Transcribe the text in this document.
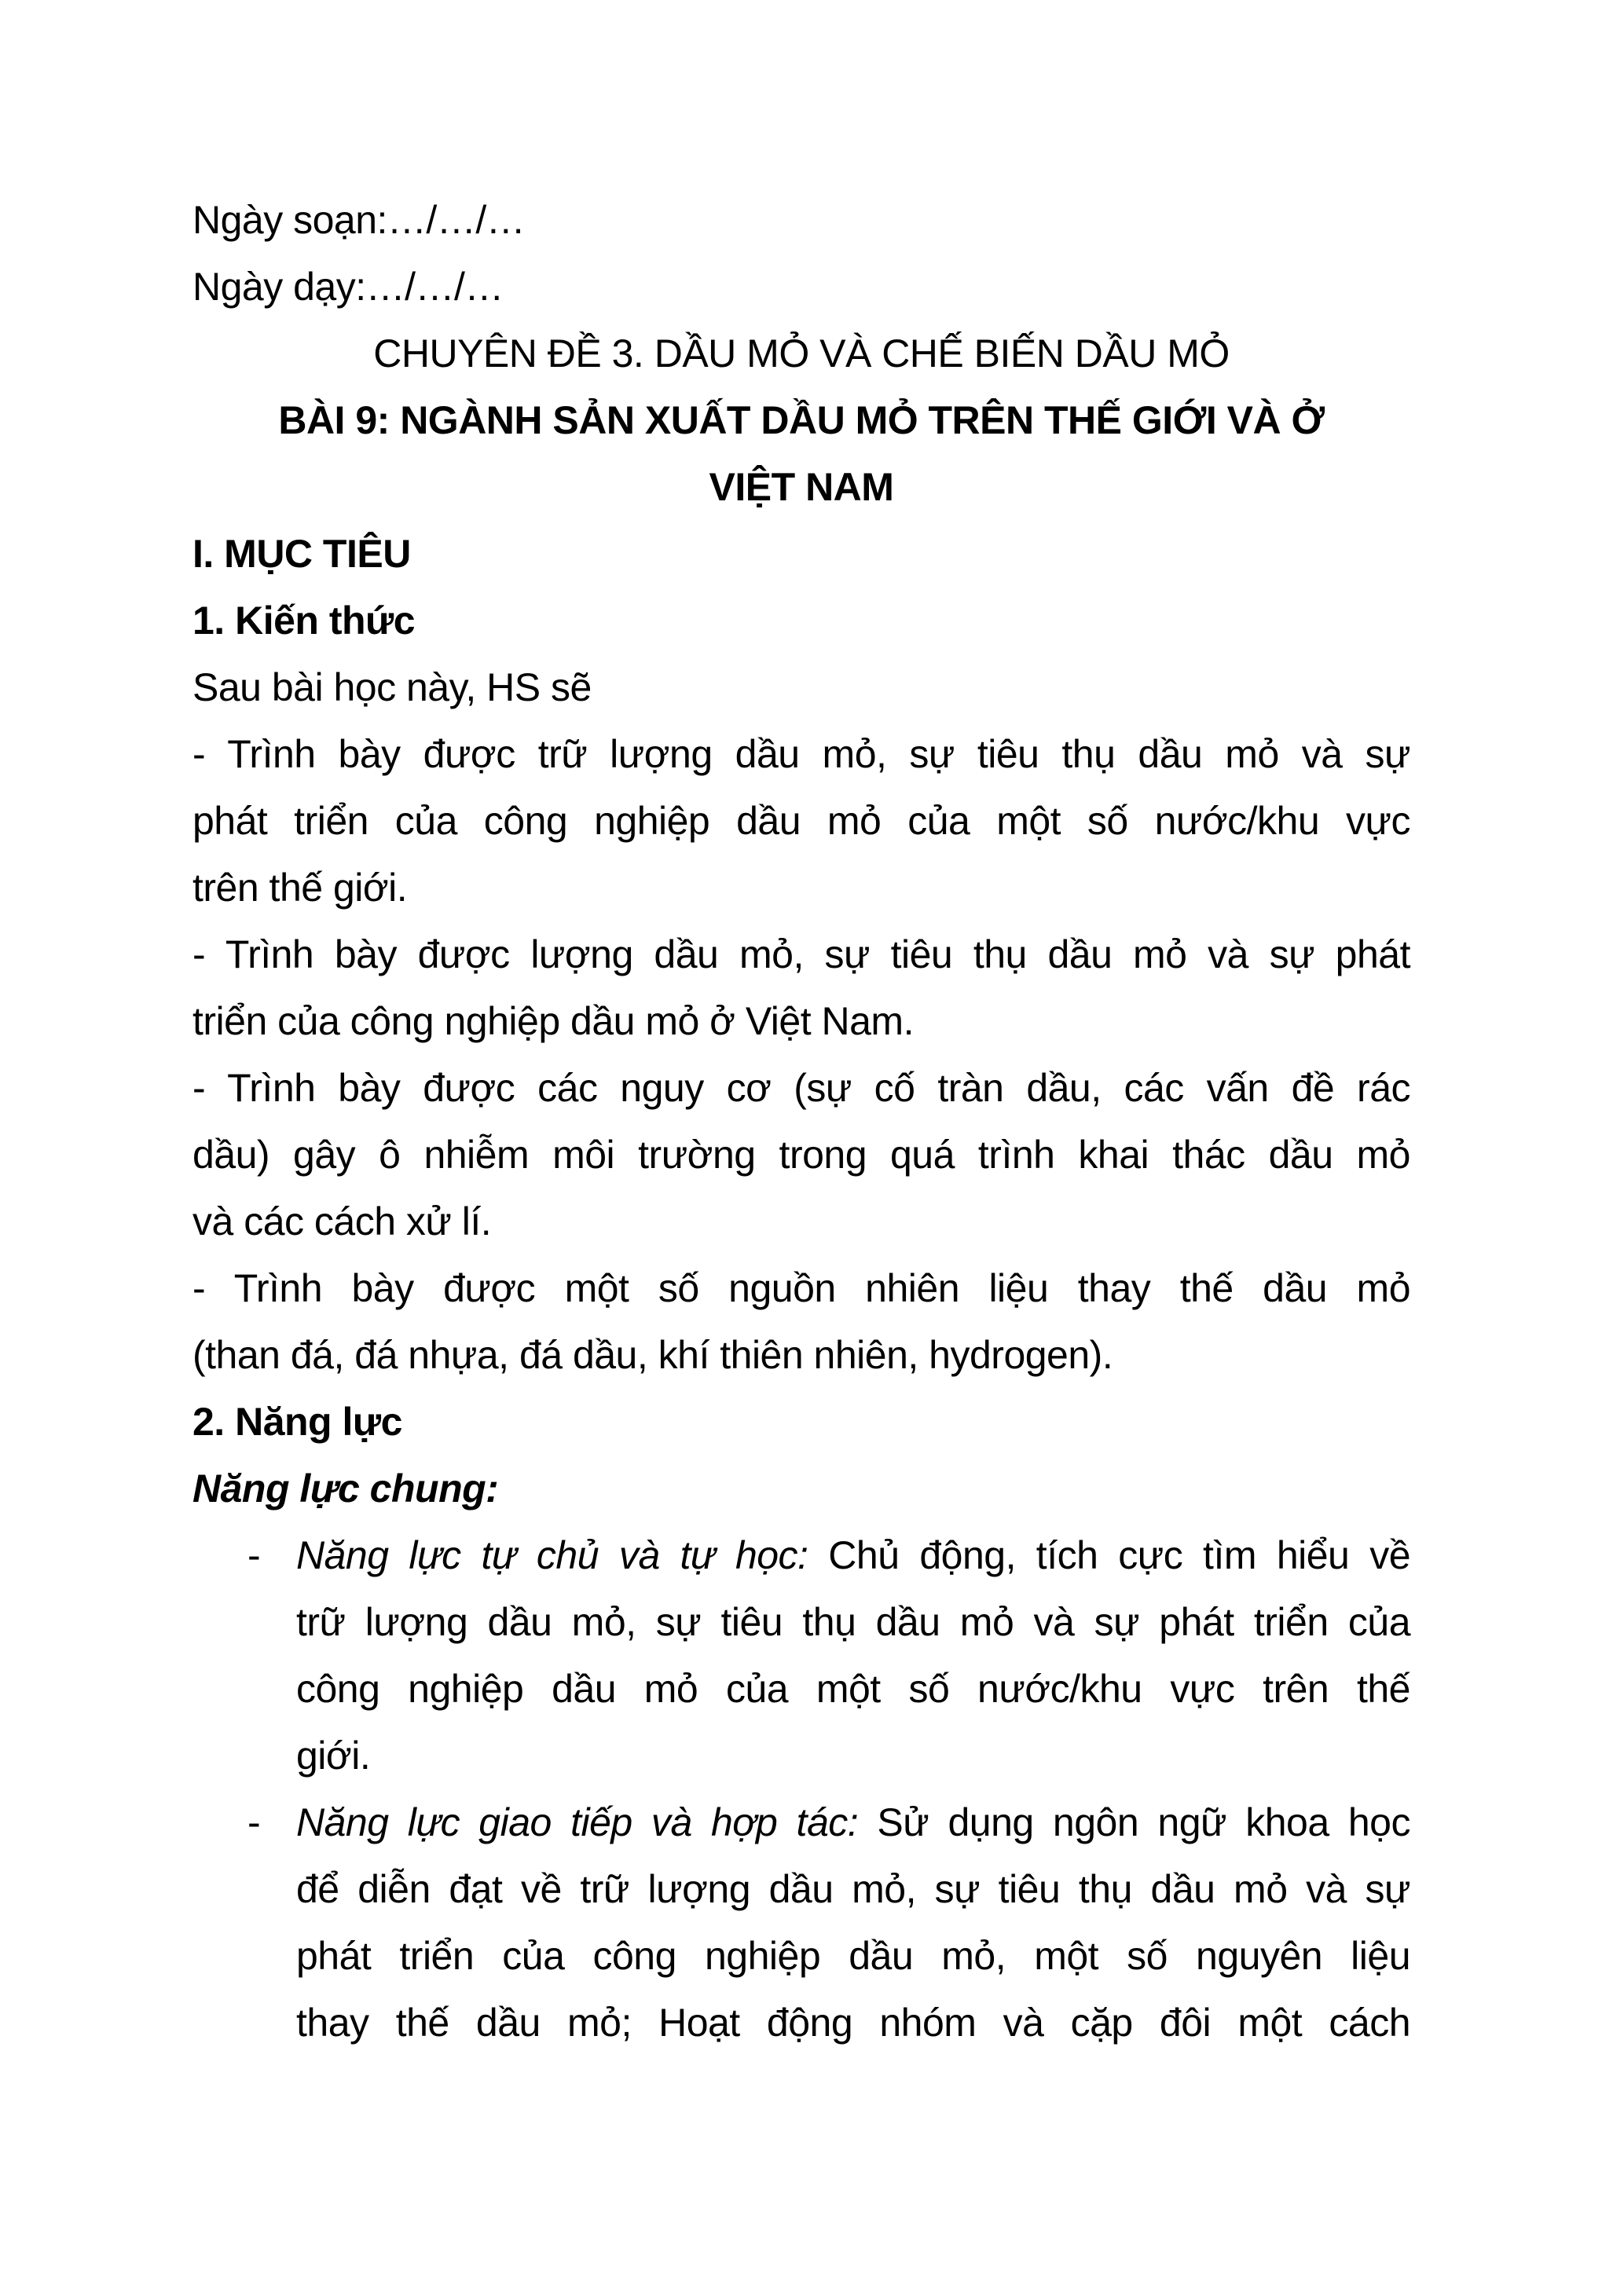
Ngày soạn:…/…/…
Ngày dạy:…/…/…
CHUYÊN ĐỀ 3. DẦU MỎ VÀ CHẾ BIẾN DẦU MỎ
BÀI 9: NGÀNH SẢN XUẤT DẦU MỎ TRÊN THẾ GIỚI VÀ Ở
VIỆT NAM
I. MỤC TIÊU
1. Kiến thức
Sau bài học này, HS sẽ
- Trình bày được trữ lượng dầu mỏ, sự tiêu thụ dầu mỏ và sự
phát triển của công nghiệp dầu mỏ của một số nước/khu vực
trên thế giới.
- Trình bày được lượng dầu mỏ, sự tiêu thụ dầu mỏ và sự phát
triển của công nghiệp dầu mỏ ở Việt Nam.
- Trình bày được các nguy cơ (sự cố tràn dầu, các vấn đề rác
dầu) gây ô nhiễm môi trường trong quá trình khai thác dầu mỏ
và các cách xử lí.
- Trình bày được một số nguồn nhiên liệu thay thế dầu mỏ
(than đá, đá nhựa, đá dầu, khí thiên nhiên, hydrogen).
2. Năng lực
Năng lực chung:
- Năng lực tự chủ và tự học: Chủ động, tích cực tìm hiểu về
trữ lượng dầu mỏ, sự tiêu thụ dầu mỏ và sự phát triển của
công nghiệp dầu mỏ của một số nước/khu vực trên thế
giới.
- Năng lực giao tiếp và hợp tác: Sử dụng ngôn ngữ khoa học
để diễn đạt về trữ lượng dầu mỏ, sự tiêu thụ dầu mỏ và sự
phát triển của công nghiệp dầu mỏ, một số nguyên liệu
thay thế dầu mỏ; Hoạt động nhóm và cặp đôi một cách
